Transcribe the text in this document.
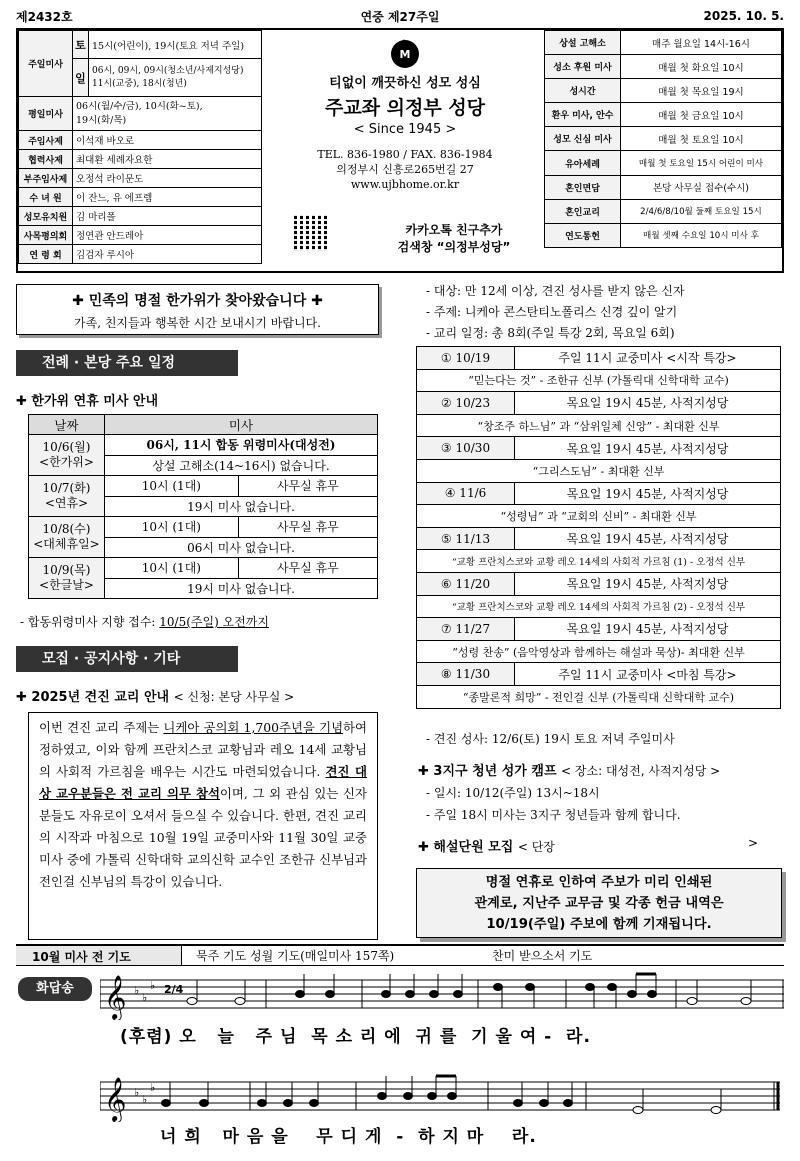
제2432호	연중 제27주일	2025. 10. 5.
주일미사	토	15시(어린이), 19시(토요 저녁 주일)
	일	06시, 09시, 09시(청소년/사제지성당)
11시(교중), 18시(청년)

평일미사	06시(월/수/금), 10시(화~토),
19시(화/목)	

주임사제	이석재 바오로	
협력사제	최대환 세례자요한	
부주임사제	오정석 라이문도	
수 녀 원	이 잔느, 유 에프렘	
성모유치원	김 마리폴	
사목평의회	정연관 안드레아	
연 령 회	김검자 루시아	
✚ M
티없이 깨끗하신 성모 성심
주교좌 의정부 성당
< Since 1945 >
TEL. 836-1980 / FAX. 836-1984
의정부시 신흥로265번길 27
www.ujbhome.or.kr
카카오톡 친구추가
검색창 “의정부성당”
상설 고해소	매주 월요일 14시-16시
성소 후원 미사	매월 첫 화요일 10시
성시간	매월 첫 목요일 19시
환우 미사, 안수	매월 첫 금요일 10시
성모 신심 미사	매월 첫 토요일 10시
유아세례	매월 첫 토요일 15시 어린이 미사
혼인면담	본당 사무실 접수(수시)
혼인교리	2/4/6/8/10월 둘째 토요일 15시
연도통헌	매월 셋째 수요일 10시 미사 후
✚ 민족의 명절 한가위가 찾아왔습니다 ✚
가족, 친지들과 행복한 시간 보내시기 바랍니다.
전례 · 본당 주요 일정
✚ 한가위 연휴 미사 안내
날짜	미사	

10/6(월)
<한가위>	06시, 11시 합동 위령미사(대성전)	
	상설 고해소(14~16시) 없습니다.	

10/7(화)
<연휴>	10시 (1대)	사무실 휴무
	19시 미사 없습니다.	

10/8(수)
<대체휴일>	10시 (1대)	사무실 휴무
	06시 미사 없습니다.	

10/9(목)
<한글날>	10시 (1대)	사무실 휴무
	19시 미사 없습니다.	
- 합동위령미사 지향 접수: 10/5(주일) 오전까지
모집 · 공지사항 · 기타
✚ 2025년 견진 교리 안내 < 신청: 본당 사무실 >
이번 견진 교리 주제는 니케아 공의회 1,700주년을 기념하여 정하였고, 이와 함께 프란치스코 교황님과 레오 14세 교황님의 사회적 가르침을 배우는 시간도 마련되었습니다. 견진 대상 교우분들은 전 교리 의무 참석이며, 그 외 관심 있는 신자분들도 자유로이 오셔서 들으실 수 있습니다. 한편, 견진 교리의 시작과 마침으로 10월 19일 교중미사와 11월 30일 교중미사 중에 가톨릭 신학대학 교의신학 교수인 조한규 신부님과 전인걸 신부님의 특강이 있습니다.
- 대상: 만 12세 이상, 견진 성사를 받지 않은 신자
- 주제: 니케아 콘스탄티노폴리스 신경 깊이 알기
- 교리 일정: 총 8회(주일 특강 2회, 목요일 6회)
① 10/19	주일 11시 교중미사 <시작 특강>
“믿는다는 것” - 조한규 신부 (가톨릭대 신학대학 교수)	
② 10/23	목요일 19시 45분, 사적지성당
“창조주 하느님” 과 “삼위일체 신앙” - 최대환 신부	
③ 10/30	목요일 19시 45분, 사적지성당
“그리스도님” - 최대환 신부	
④ 11/6	목요일 19시 45분, 사적지성당
“성령님” 과 “교회의 신비” - 최대환 신부	
⑤ 11/13	목요일 19시 45분, 사적지성당
“교황 프란치스코와 교황 레오 14세의 사회적 가르침 (1) - 오정석 신부	
⑥ 11/20	목요일 19시 45분, 사적지성당
“교황 프란치스코와 교황 레오 14세의 사회적 가르침 (2) - 오정석 신부	
⑦ 11/27	목요일 19시 45분, 사적지성당
“성령 찬송” (음악영상과 함께하는 해설과 묵상)- 최대환 신부	
⑧ 11/30	주일 11시 교중미사 <마침 특강>
“종말론적 희망” - 전인걸 신부 (가톨릭대 신학대학 교수)	
- 견진 성사: 12/6(토) 19시 토요 저녁 주일미사
✚ 3지구 청년 성가 캠프 < 장소: 대성전, 사적지성당 >
- 일시: 10/12(주일) 13시~18시
- 주일 18시 미사는 3지구 청년들과 함께 합니다.
✚ 해설단원 모집 < 단장	>
명절 연휴로 인하여 주보가 미리 인쇄된
관계로, 지난주 교무금 및 각종 헌금 내역은
10/19(주일) 주보에 함께 기재됩니다.
10월 미사 전 기도	묵주 기도 성월 기도(매일미사 157쪽)	찬미 받으소서 기도
화답송 𝄞 ♭
♭
♭ 2/4
(후렴) 오   늘   주 님  목 소 리 에  귀 를  기 울 여 -  라.
𝄞 ♭
♭
♭
너 희   마 음 을    무 디 게  -  하 지 마    라.
